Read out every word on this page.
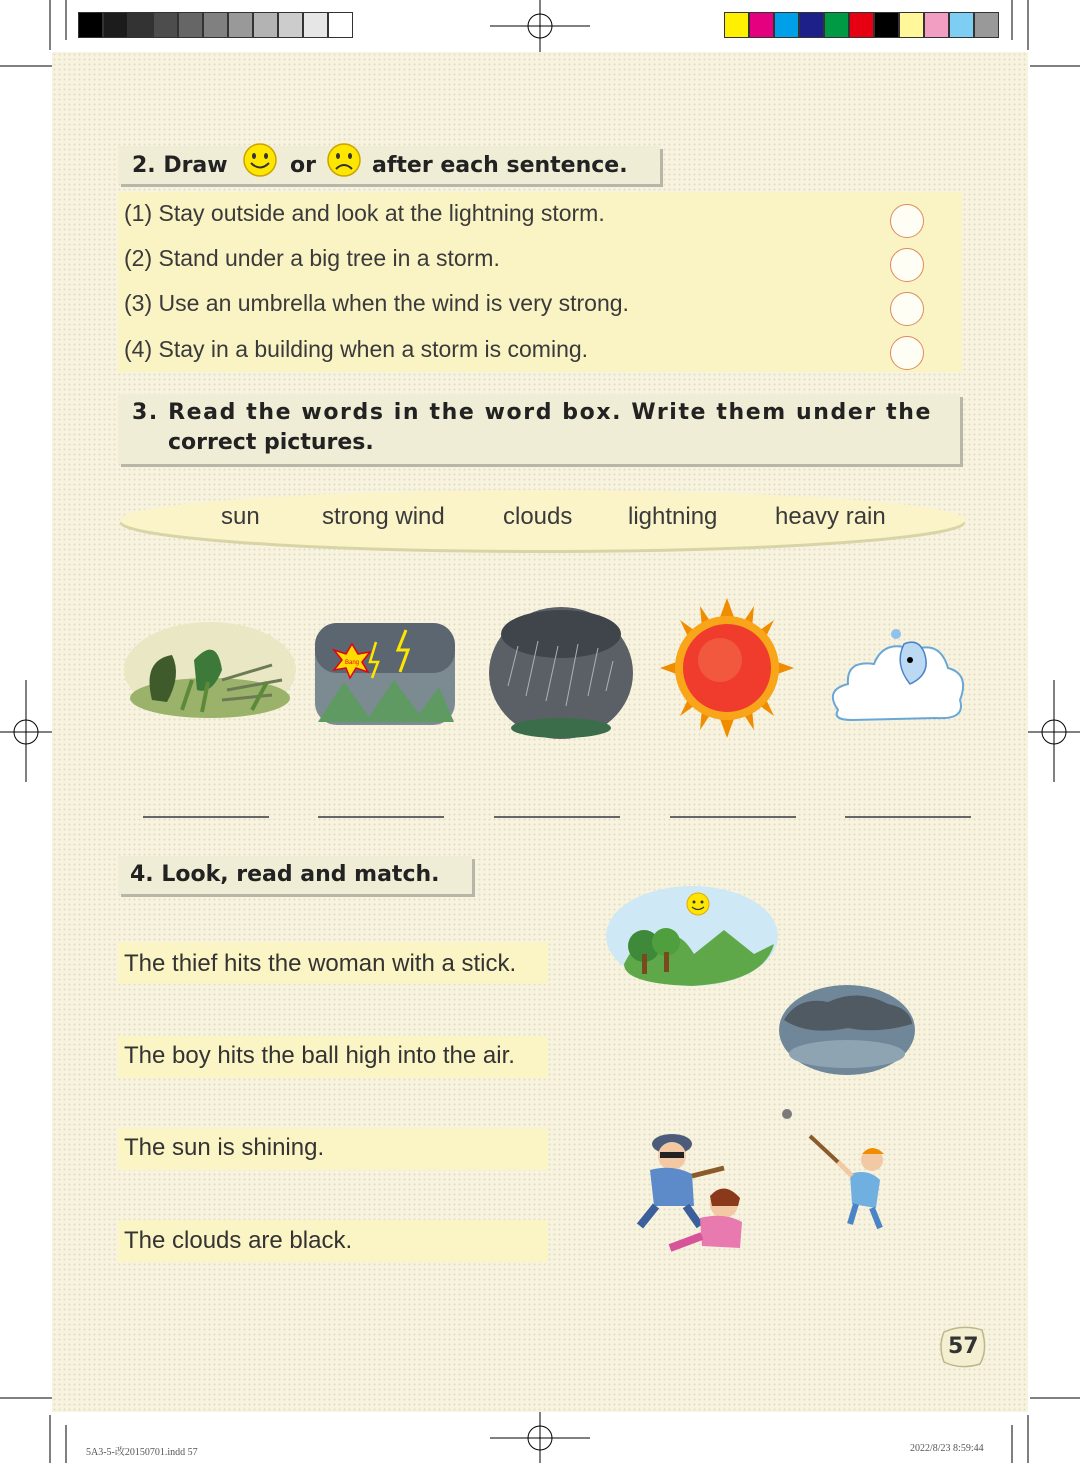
2. Draw	or	after each sentence.
(1) Stay outside and look at the lightning storm.
(2) Stand under a big tree in a storm.
(3) Use an umbrella when the wind is very strong.
(4) Stay in a building when a storm is coming.
3. Read the words in the word box. Write them under the
correct pictures.
sun	strong wind clouds lightning heavy rain
Bang
4. Look, read and match.
The thief hits the woman with a stick.
The boy hits the ball high into the air.
The sun is shining.
The clouds are black.
57
5A3-5-改20150701.indd 57	2022/8/23 8:59:44
